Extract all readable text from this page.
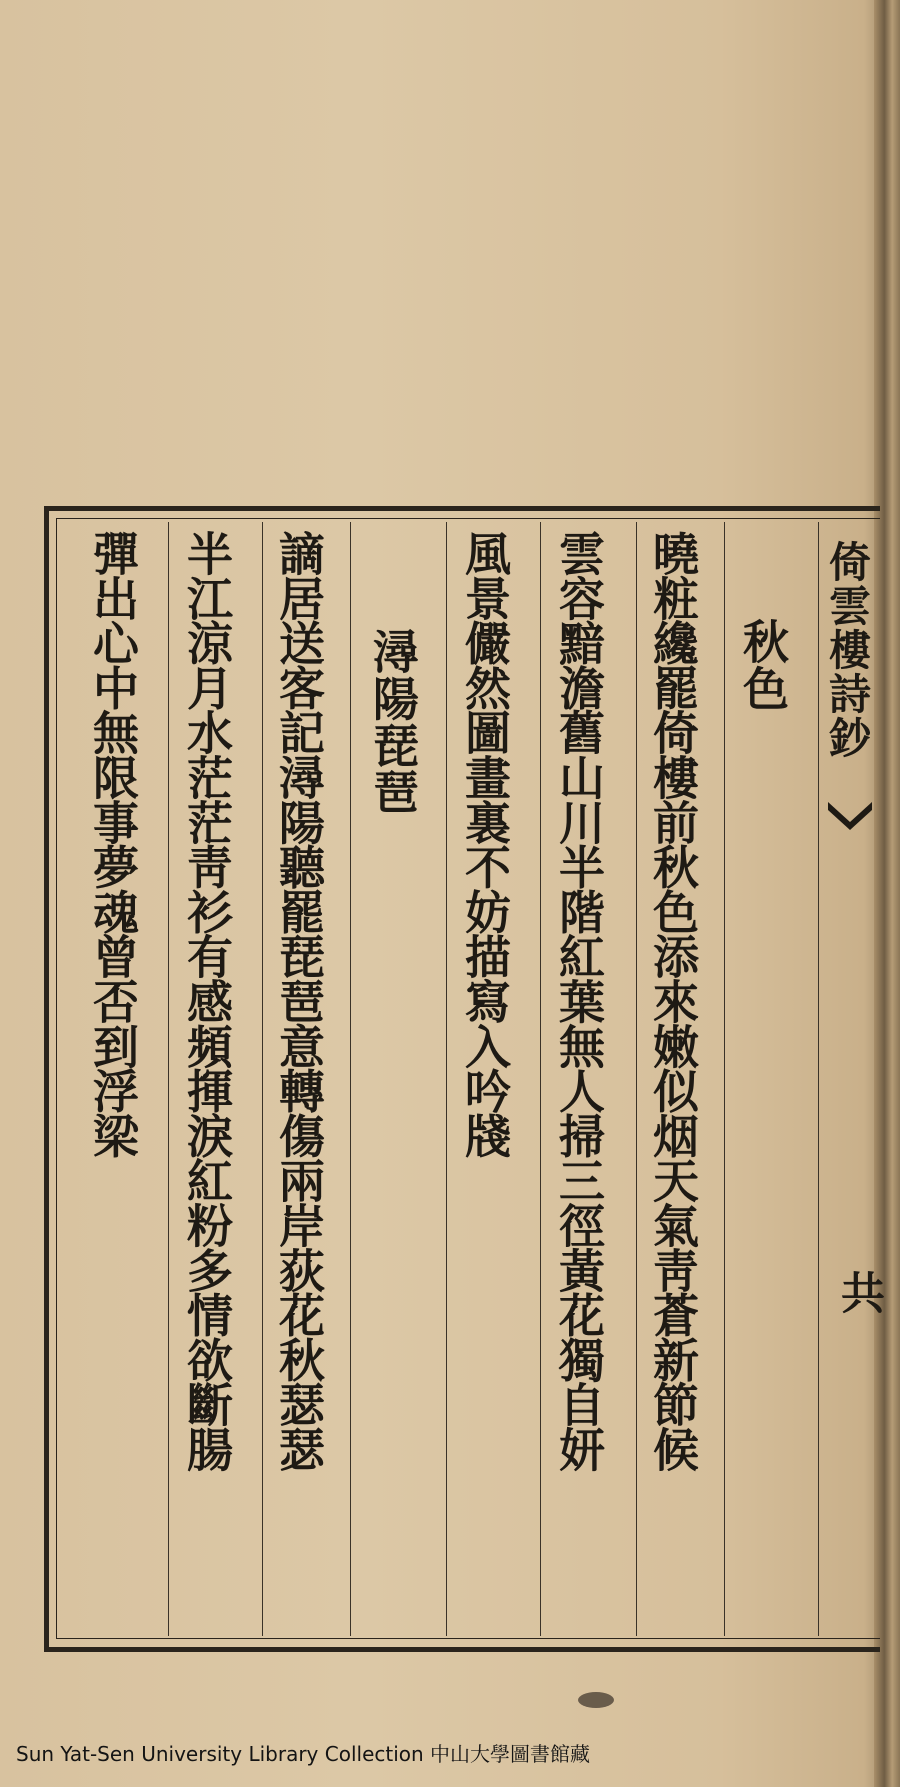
倚雲樓詩鈔
共
秋色
曉粧纔罷倚樓前秋色添來嫩似烟天氣靑蒼新節候
雲容黯澹舊山川半階紅葉無人掃三徑黃花獨自妍
風景儼然圖畫裏不妨描寫入吟牋
潯陽琵琶
謫居送客記潯陽聽罷琵琶意轉傷兩岸荻花秋瑟瑟
半江涼月水茫茫靑衫有感頻揮淚紅粉多情欲斷腸
彈出心中無限事夢魂曾否到浮梁
Sun Yat-Sen University Library Collection 中山大學圖書館藏
